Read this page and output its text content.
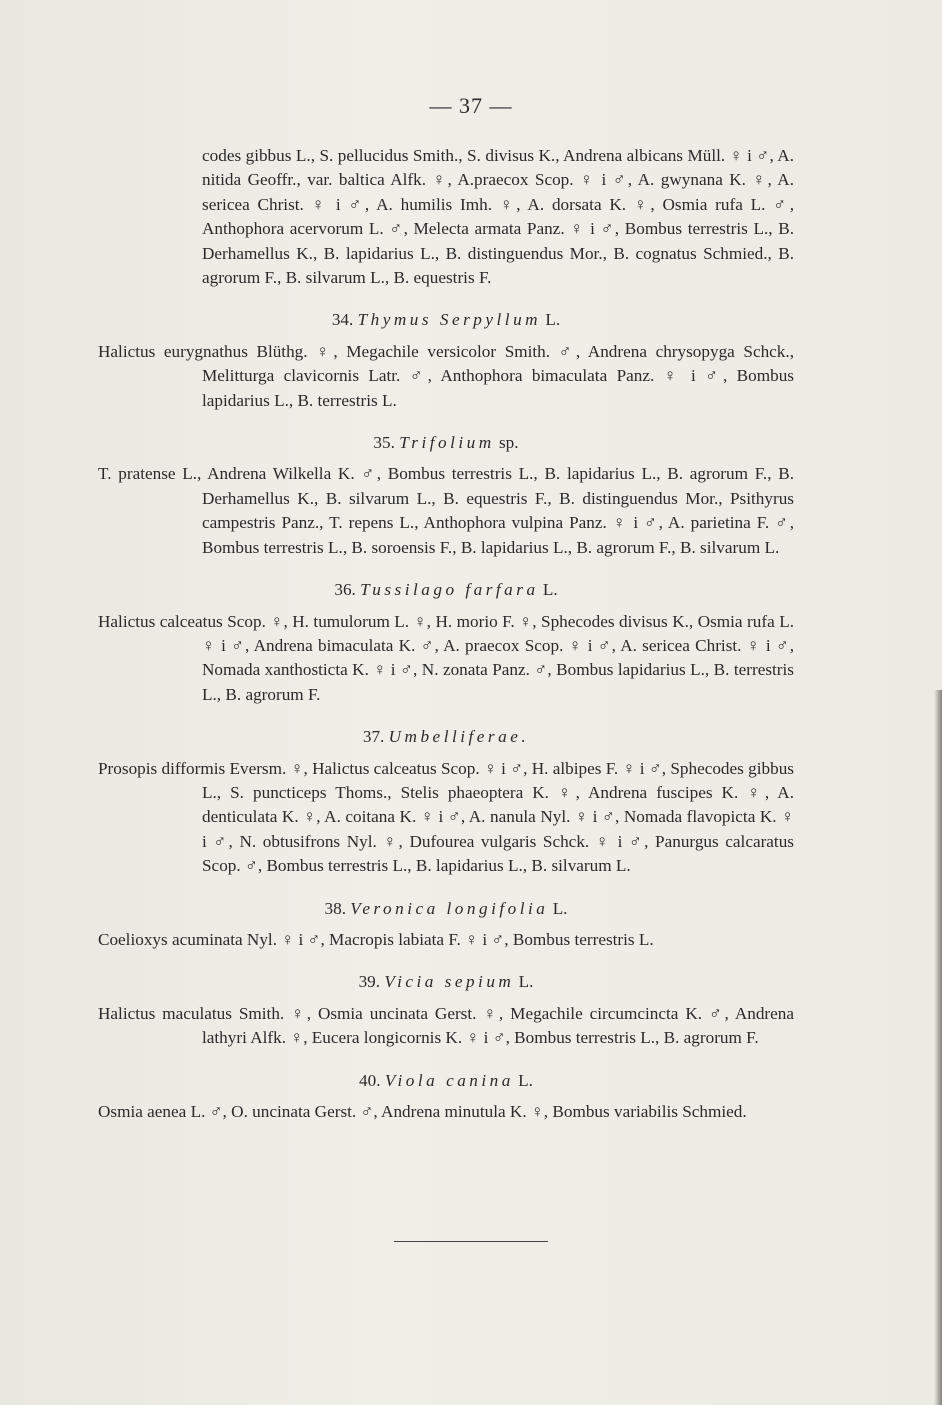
— 37 —

codes gibbus L., S. pellucidus Smith., S. divisus K., Andrena albicans Müll. ♀ i ♂, A. nitida Geoffr., var. baltica Alfk. ♀, A.praecox Scop. ♀ i ♂, A. gwynana K. ♀, A. sericea Christ. ♀ i ♂, A. humilis Imh. ♀, A. dorsata K. ♀, Osmia rufa L. ♂, Anthophora acervorum L. ♂, Melecta armata Panz. ♀ i ♂, Bombus terrestris L., B. Derhamellus K., B. lapidarius L., B. distinguendus Mor., B. cognatus Schmied., B. agrorum F., B. silvarum L., B. equestris F.

34. Thymus Serpyllum L.

Halictus eurygnathus Blüthg. ♀, Megachile versicolor Smith. ♂, Andrena chrysopyga Schck., Melitturga clavicornis Latr. ♂, Anthophora bimaculata Panz. ♀ i ♂, Bombus lapidarius L., B. terrestris L.

35. Trifolium sp.

T. pratense L., Andrena Wilkella K. ♂, Bombus terrestris L., B. lapidarius L., B. agrorum F., B. Derhamellus K., B. silvarum L., B. equestris F., B. distinguendus Mor., Psithyrus campestris Panz., T. repens L., Anthophora vulpina Panz. ♀ i ♂, A. parietina F. ♂, Bombus terrestris L., B. soroensis F., B. lapidarius L., B. agrorum F., B. silvarum L.

36. Tussilago farfara L.

Halictus calceatus Scop. ♀, H. tumulorum L. ♀, H. morio F. ♀, Sphecodes divisus K., Osmia rufa L. ♀ i ♂, Andrena bimaculata K. ♂, A. praecox Scop. ♀ i ♂, A. sericea Christ. ♀ i ♂, Nomada xanthosticta K. ♀ i ♂, N. zonata Panz. ♂, Bombus lapidarius L., B. terrestris L., B. agrorum F.

37. Umbelliferae.

Prosopis difformis Eversm. ♀, Halictus calceatus Scop. ♀ i ♂, H. albipes F. ♀ i ♂, Sphecodes gibbus L., S. puncticeps Thoms., Stelis phaeoptera K. ♀, Andrena fuscipes K. ♀, A. denticulata K. ♀, A. coitana K. ♀ i ♂, A. nanula Nyl. ♀ i ♂, Nomada flavopicta K. ♀ i ♂, N. obtusifrons Nyl. ♀, Dufourea vulgaris Schck. ♀ i ♂, Panurgus calcaratus Scop. ♂, Bombus terrestris L., B. lapidarius L., B. silvarum L.

38. Veronica longifolia L.

Coelioxys acuminata Nyl. ♀ i ♂, Macropis labiata F. ♀ i ♂, Bombus terrestris L.

39. Vicia sepium L.

Halictus maculatus Smith. ♀, Osmia uncinata Gerst. ♀, Megachile circumcincta K. ♂, Andrena lathyri Alfk. ♀, Eucera longicornis K. ♀ i ♂, Bombus terrestris L., B. agrorum F.

40. Viola canina L.

Osmia aenea L. ♂, O. uncinata Gerst. ♂, Andrena minutula K. ♀, Bombus variabilis Schmied.
